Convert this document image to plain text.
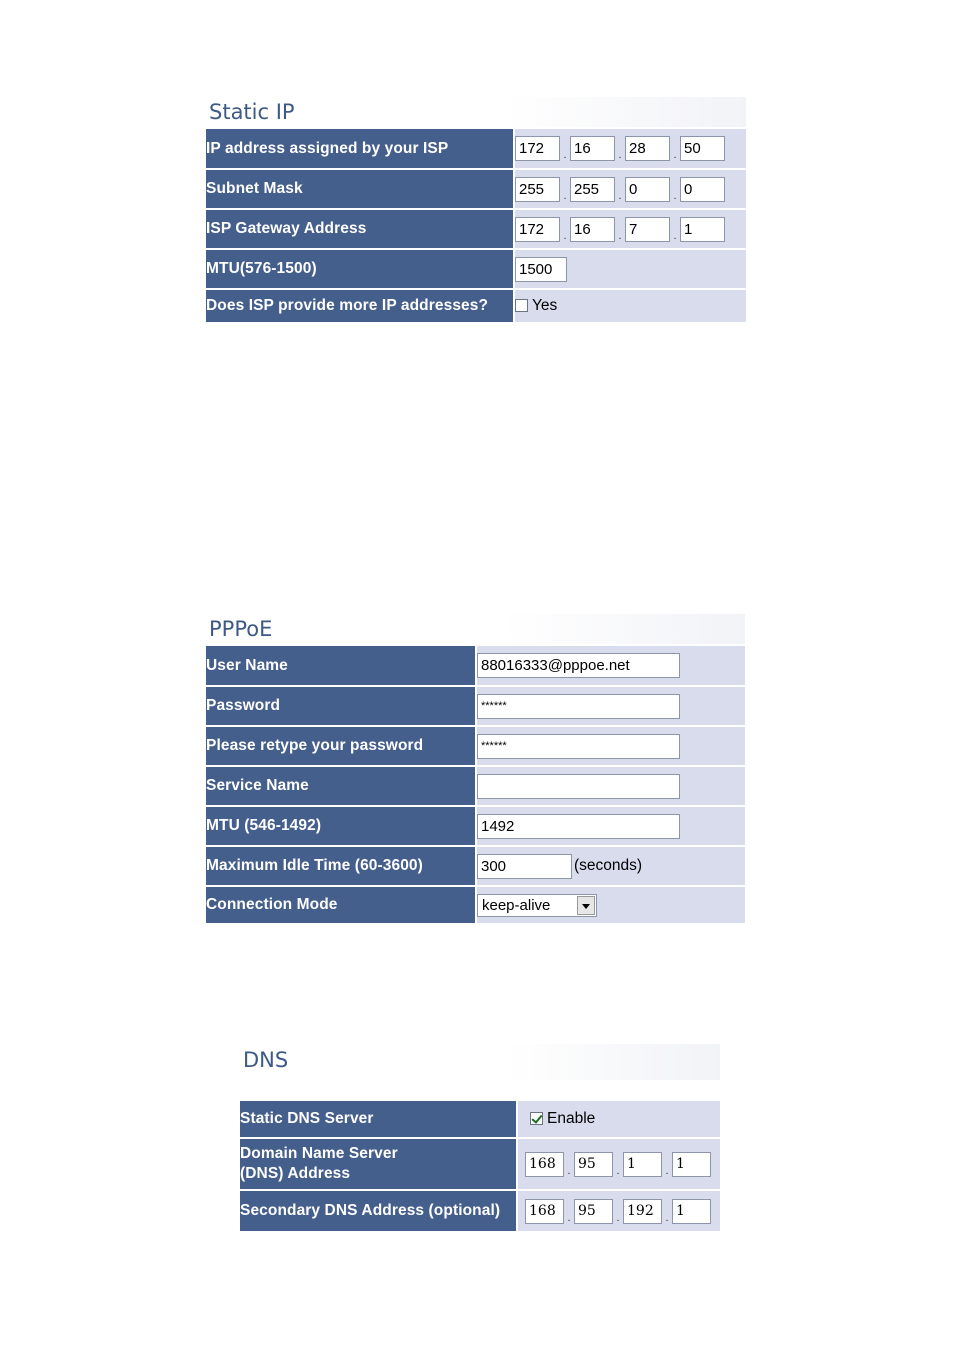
Static IP
IP address assigned by your ISP	172.16 .28 .50
Subnet Mask	255.255 .0 .0
ISP Gateway Address	172.16 .7 .1
MTU(576-1500)	1500
Does ISP provide more IP addresses?	Yes
PPPoE
User Name	88016333@pppoe.net
Password	******
Please retype your password	******
Service Name	
MTU (546-1492)	1492
Maximum Idle Time (60-3600)	300(seconds)
Connection Mode	keep-alive
DNS
Static DNS Server	Enable
Domain Name Server
(DNS) Address	168.95 .1 .1
Secondary DNS Address (optional)	168.95 .192 .1
